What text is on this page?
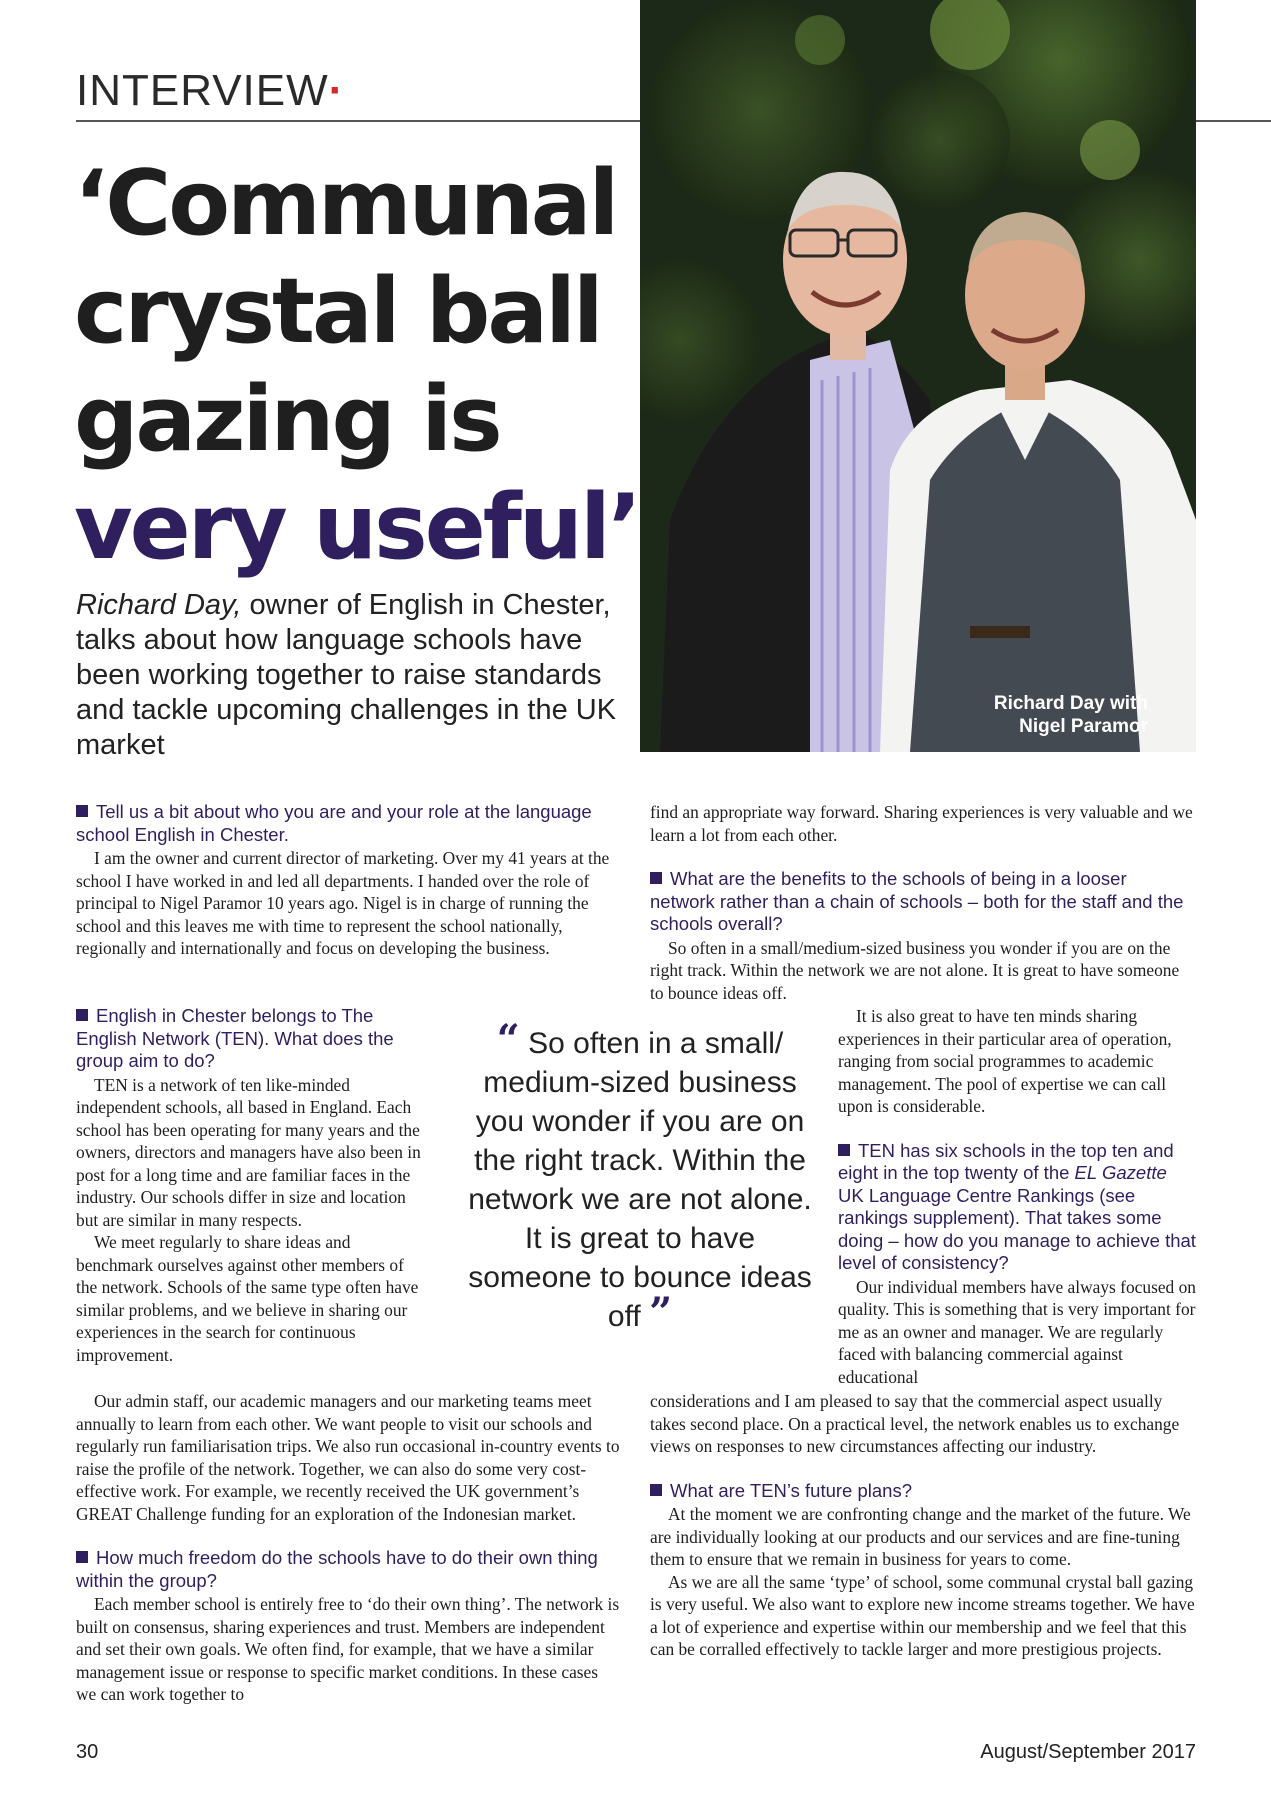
INTERVIEW·
‘Communal
crystal ball
gazing is
very useful’

Richard Day, owner of English in Chester, talks about how language schools have been working together to raise standards and tackle upcoming challenges in the UK market

Richard Day with
Nigel Paramor

Tell us a bit about who you are and your role at the language school English in Chester.

I am the owner and current director of marketing. Over my 41 years at the school I have worked in and led all departments. I handed over the role of principal to Nigel Paramor 10 years ago. Nigel is in charge of running the school and this leaves me with time to represent the school nationally, regionally and internationally and focus on developing the business.

English in Chester belongs to The English Network (TEN). What does the group aim to do?

TEN is a network of ten like-minded independent schools, all based in England. Each school has been operating for many years and the owners, directors and managers have also been in post for a long time and are familiar faces in the industry. Our schools differ in size and location but are similar in many respects.

We meet regularly to share ideas and benchmark ourselves against other members of the network. Schools of the same type often have similar problems, and we believe in sharing our experiences in the search for continuous improvement.

Our admin staff, our academic managers and our marketing teams meet annually to learn from each other. We want people to visit our schools and regularly run familiarisation trips. We also run occasional in-country events to raise the profile of the network. Together, we can also do some very cost-effective work. For example, we recently received the UK government’s GREAT Challenge funding for an exploration of the Indonesian market.

How much freedom do the schools have to do their own thing within the group?

Each member school is entirely free to ‘do their own thing’. The network is built on consensus, sharing experiences and trust. Members are independent and set their own goals. We often find, for example, that we have a similar management issue or response to specific market conditions. In these cases we can work together to

find an appropriate way forward. Sharing experiences is very valuable and we learn a lot from each other.

What are the benefits to the schools of being in a looser network rather than a chain of schools – both for the staff and the schools overall?

So often in a small/medium-sized business you wonder if you are on the right track. Within the network we are not alone. It is great to have someone to bounce ideas off.

It is also great to have ten minds sharing experiences in their particular area of operation, ranging from social programmes to academic management. The pool of expertise we can call upon is considerable.

TEN has six schools in the top ten and eight in the top twenty of the EL Gazette UK Language Centre Rankings (see rankings supplement). That takes some doing – how do you manage to achieve that level of consistency?

Our individual members have always focused on quality. This is something that is very important for me as an owner and manager. We are regularly faced with balancing commercial against educational

considerations and I am pleased to say that the commercial aspect usually takes second place. On a practical level, the network enables us to exchange views on responses to new circumstances affecting our industry.

What are TEN’s future plans?

At the moment we are confronting change and the market of the future. We are individually looking at our products and our services and are fine-tuning them to ensure that we remain in business for years to come.

As we are all the same ‘type’ of school, some communal crystal ball gazing is very useful. We also want to explore new income streams together. We have a lot of experience and expertise within our membership and we feel that this can be corralled effectively to tackle larger and more prestigious projects.

“ So often in a small/ medium-sized business you wonder if you are on the right track. Within the network we are not alone. It is great to have someone to bounce ideas off ”
30	August/September 2017
